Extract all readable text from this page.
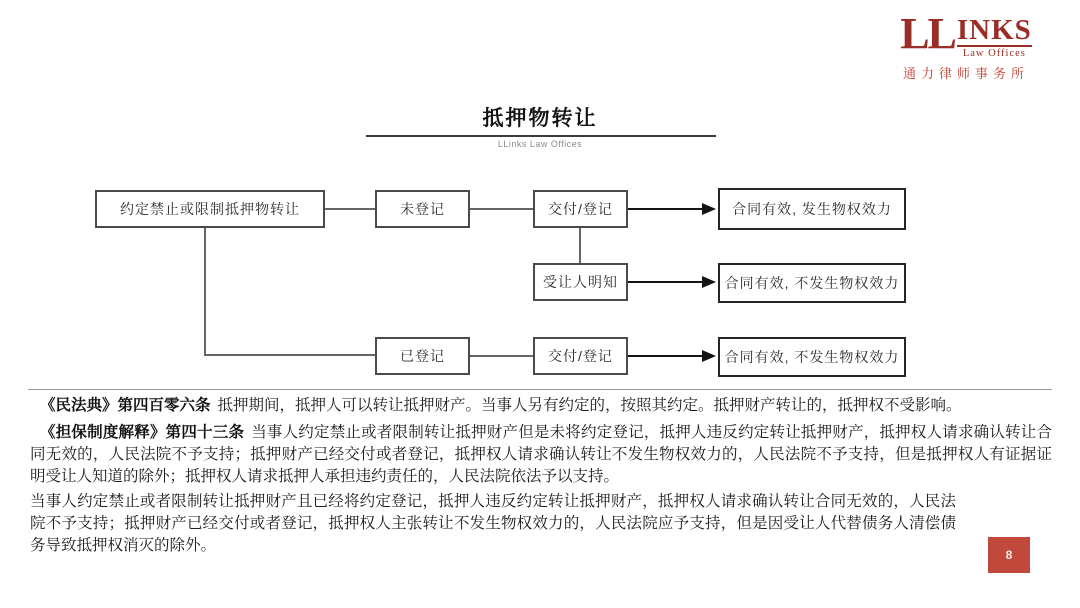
LL INKS
Law Offices
通力律师事务所
抵押物转让
LLinks Law Offices
约定禁止或限制抵押物转让	未登记	交付/登记	合同有效, 发生物权效力
受让人明知	合同有效, 不发生物权效力
已登记	交付/登记	合同有效, 不发生物权效力

《民法典》第四百零六条 抵押期间，抵押人可以转让抵押财产。当事人另有约定的，按照其约定。抵押财产转让的，抵押权不受影响。

《担保制度解释》第四十三条 当事人约定禁止或者限制转让抵押财产但是未将约定登记，抵押人违反约定转让抵押财产，抵押权人请求确认转让合同无效的，人民法院不予支持；抵押财产已经交付或者登记，抵押权人请求确认转让不发生物权效力的，人民法院不予支持，但是抵押权人有证据证明受让人知道的除外；抵押权人请求抵押人承担违约责任的，人民法院依法予以支持。

当事人约定禁止或者限制转让抵押财产且已经将约定登记，抵押人违反约定转让抵押财产，抵押权人请求确认转让合同无效的，人民法院不予支持；抵押财产已经交付或者登记，抵押权人主张转让不发生物权效力的，人民法院应予支持，但是因受让人代替债务人清偿债务导致抵押权消灭的除外。

8
